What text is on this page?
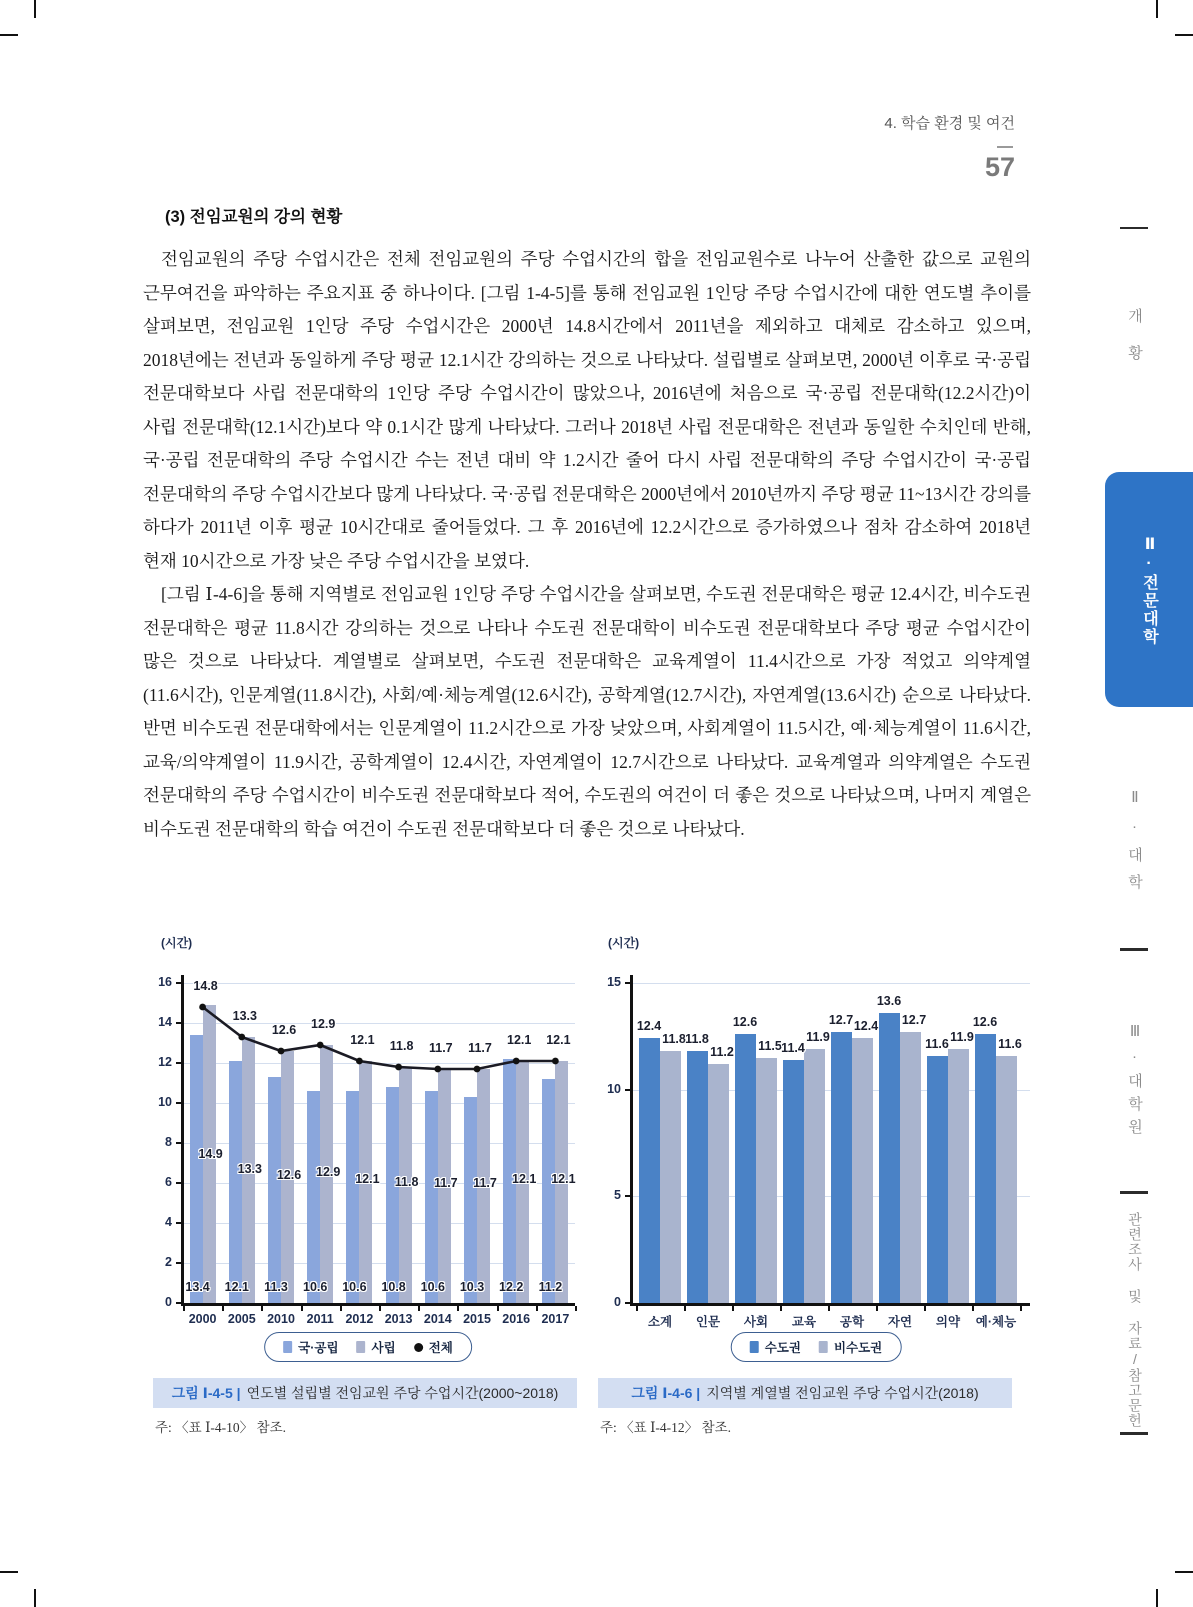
4. 학습 환경 및 여건
57
개황
Ⅱ·전문대학
Ⅱ·대학
Ⅲ·대학원
관련조사 및 자료/참고문헌
(3) 전임교원의 강의 현황

전임교원의 주당 수업시간은 전체 전임교원의 주당 수업시간의 합을 전임교원수로 나누어 산출한 값으로 교원의 근무여건을 파악하는 주요지표 중 하나이다. [그림 1-4-5]를 통해 전임교원 1인당 주당 수업시간에 대한 연도별 추이를 살펴보면, 전임교원 1인당 주당 수업시간은 2000년 14.8시간에서 2011년을 제외하고 대체로 감소하고 있으며, 2018년에는 전년과 동일하게 주당 평균 12.1시간 강의하는 것으로 나타났다. 설립별로 살펴보면, 2000년 이후로 국·공립 전문대학보다 사립 전문대학의 1인당 주당 수업시간이 많았으나, 2016년에 처음으로 국·공립 전문대학(12.2시간)이 사립 전문대학(12.1시간)보다 약 0.1시간 많게 나타났다. 그러나 2018년 사립 전문대학은 전년과 동일한 수치인데 반해, 국·공립 전문대학의 주당 수업시간 수는 전년 대비 약 1.2시간 줄어 다시 사립 전문대학의 주당 수업시간이 국·공립 전문대학의 주당 수업시간보다 많게 나타났다. 국·공립 전문대학은 2000년에서 2010년까지 주당 평균 11~13시간 강의를 하다가 2011년 이후 평균 10시간대로 줄어들었다. 그 후 2016년에 12.2시간으로 증가하였으나 점차 감소하여 2018년 현재 10시간으로 가장 낮은 주당 수업시간을 보였다.

[그림 Ⅰ-4-6]을 통해 지역별로 전임교원 1인당 주당 수업시간을 살펴보면, 수도권 전문대학은 평균 12.4시간, 비수도권 전문대학은 평균 11.8시간 강의하는 것으로 나타나 수도권 전문대학이 비수도권 전문대학보다 주당 평균 수업시간이 많은 것으로 나타났다. 계열별로 살펴보면, 수도권 전문대학은 교육계열이 11.4시간으로 가장 적었고 의약계열(11.6시간), 인문계열(11.8시간), 사회/예·체능계열(12.6시간), 공학계열(12.7시간), 자연계열(13.6시간) 순으로 나타났다. 반면 비수도권 전문대학에서는 인문계열이 11.2시간으로 가장 낮았으며, 사회계열이 11.5시간, 예·체능계열이 11.6시간, 교육/의약계열이 11.9시간, 공학계열이 12.4시간, 자연계열이 12.7시간으로 나타났다. 교육계열과 의약계열은 수도권 전문대학의 주당 수업시간이 비수도권 전문대학보다 적어, 수도권의 여건이 더 좋은 것으로 나타났으며, 나머지 계열은 비수도권 전문대학의 학습 여건이 수도권 전문대학보다 더 좋은 것으로 나타났다.

(시간)
국·공립	사립	전체
0
2
4
6
8
10
12
14
16
2000
14.9
13.4
2005
13.3
12.1
2010
12.6
11.3
2011
12.9
10.6
2012
12.1
10.6
2013
11.8
10.8
2014
11.7
10.6
2015
11.7
10.3
2016
12.1
12.2
2017
12.1
11.2
14.8
13.3
12.6 12.9
12.1 11.8 11.7 11.7
12.1 12.1
(시간)
수도권	비수도권
0
5
10
15
소계
12.4
11.8
인문
11.8
11.2
사회
12.6
11.5
교육
11.4
11.9
공학
12.7 12.4
자연
13.6
12.7
의약
11.6 11.9
예·체능
12.6
11.6
그림 Ⅰ-4-5 | 연도별 설립별 전임교원 주당 수업시간(2000~2018)	그림 Ⅰ-4-6 | 지역별 계열별 전임교원 주당 수업시간(2018)
주: 〈표 Ⅰ-4-10〉 참조.	주: 〈표 Ⅰ-4-12〉 참조.
